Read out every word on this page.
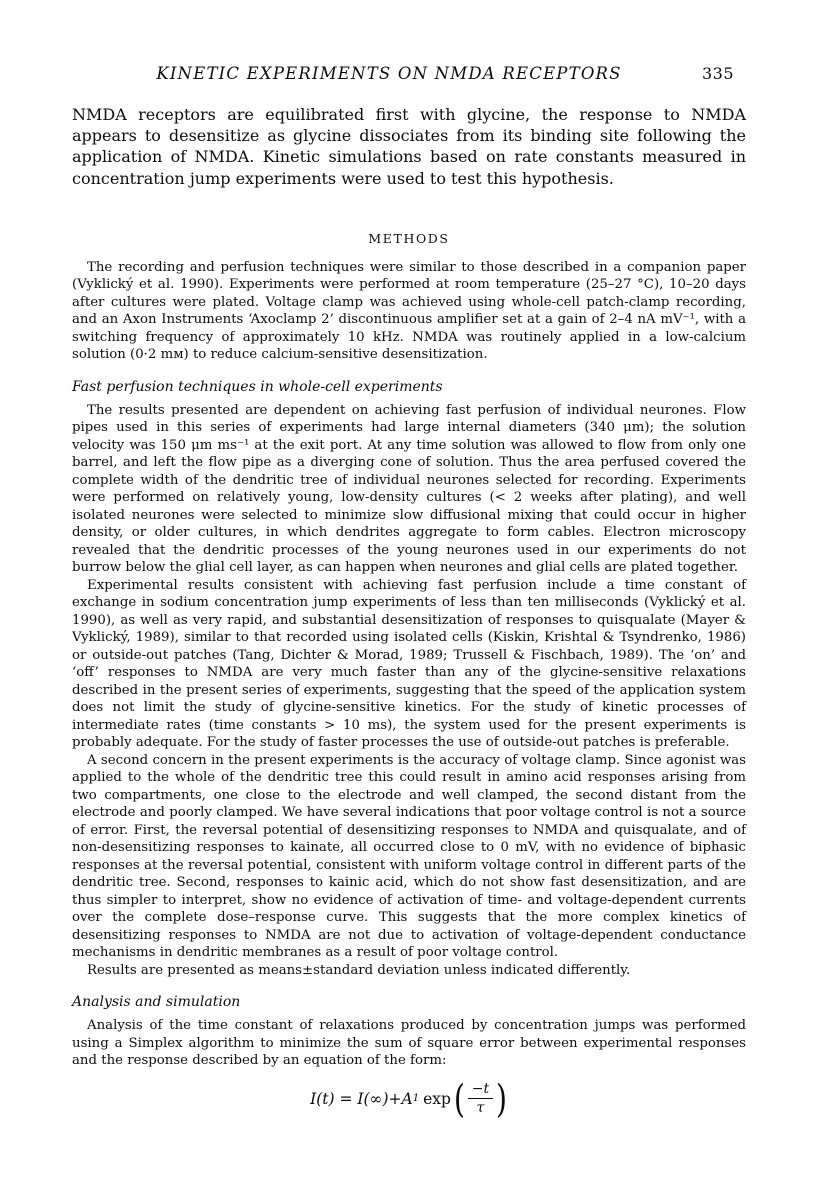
KINETIC EXPERIMENTS ON NMDA RECEPTORS	335

NMDA receptors are equilibrated first with glycine, the response to NMDA appears to desensitize as glycine dissociates from its binding site following the application of NMDA. Kinetic simulations based on rate constants measured in concentration jump experiments were used to test this hypothesis.

METHODS

The recording and perfusion techniques were similar to those described in a companion paper (Vyklický et al. 1990). Experiments were performed at room temperature (25–27 °C), 10–20 days after cultures were plated. Voltage clamp was achieved using whole-cell patch-clamp recording, and an Axon Instruments ‘Axoclamp 2’ discontinuous amplifier set at a gain of 2–4 nA mV⁻¹, with a switching frequency of approximately 10 kHz. NMDA was routinely applied in a low-calcium solution (0·2 mᴍ) to reduce calcium-sensitive desensitization.

Fast perfusion techniques in whole-cell experiments

The results presented are dependent on achieving fast perfusion of individual neurones. Flow pipes used in this series of experiments had large internal diameters (340 μm); the solution velocity was 150 μm ms⁻¹ at the exit port. At any time solution was allowed to flow from only one barrel, and left the flow pipe as a diverging cone of solution. Thus the area perfused covered the complete width of the dendritic tree of individual neurones selected for recording. Experiments were performed on relatively young, low-density cultures (< 2 weeks after plating), and well isolated neurones were selected to minimize slow diffusional mixing that could occur in higher density, or older cultures, in which dendrites aggregate to form cables. Electron microscopy revealed that the dendritic processes of the young neurones used in our experiments do not burrow below the glial cell layer, as can happen when neurones and glial cells are plated together.

Experimental results consistent with achieving fast perfusion include a time constant of exchange in sodium concentration jump experiments of less than ten milliseconds (Vyklický et al. 1990), as well as very rapid, and substantial desensitization of responses to quisqualate (Mayer & Vyklický, 1989), similar to that recorded using isolated cells (Kiskin, Krishtal & Tsyndrenko, 1986) or outside-out patches (Tang, Dichter & Morad, 1989; Trussell & Fischbach, 1989). The ‘on’ and ‘off’ responses to NMDA are very much faster than any of the glycine-sensitive relaxations described in the present series of experiments, suggesting that the speed of the application system does not limit the study of glycine-sensitive kinetics. For the study of kinetic processes of intermediate rates (time constants > 10 ms), the system used for the present experiments is probably adequate. For the study of faster processes the use of outside-out patches is preferable.

A second concern in the present experiments is the accuracy of voltage clamp. Since agonist was applied to the whole of the dendritic tree this could result in amino acid responses arising from two compartments, one close to the electrode and well clamped, the second distant from the electrode and poorly clamped. We have several indications that poor voltage control is not a source of error. First, the reversal potential of desensitizing responses to NMDA and quisqualate, and of non-desensitizing responses to kainate, all occurred close to 0 mV, with no evidence of biphasic responses at the reversal potential, consistent with uniform voltage control in different parts of the dendritic tree. Second, responses to kainic acid, which do not show fast desensitization, and are thus simpler to interpret, show no evidence of activation of time- and voltage-dependent currents over the complete dose–response curve. This suggests that the more complex kinetics of desensitizing responses to NMDA are not due to activation of voltage-dependent conductance mechanisms in dendritic membranes as a result of poor voltage control.

Results are presented as means±standard deviation unless indicated differently.

Analysis and simulation

Analysis of the time constant of relaxations produced by concentration jumps was performed using a Simplex algorithm to minimize the sum of square error between experimental responses and the response described by an equation of the form:

I(t) = I(∞)+A 1 exp ( $\frac{-t}{\tau}$ )
